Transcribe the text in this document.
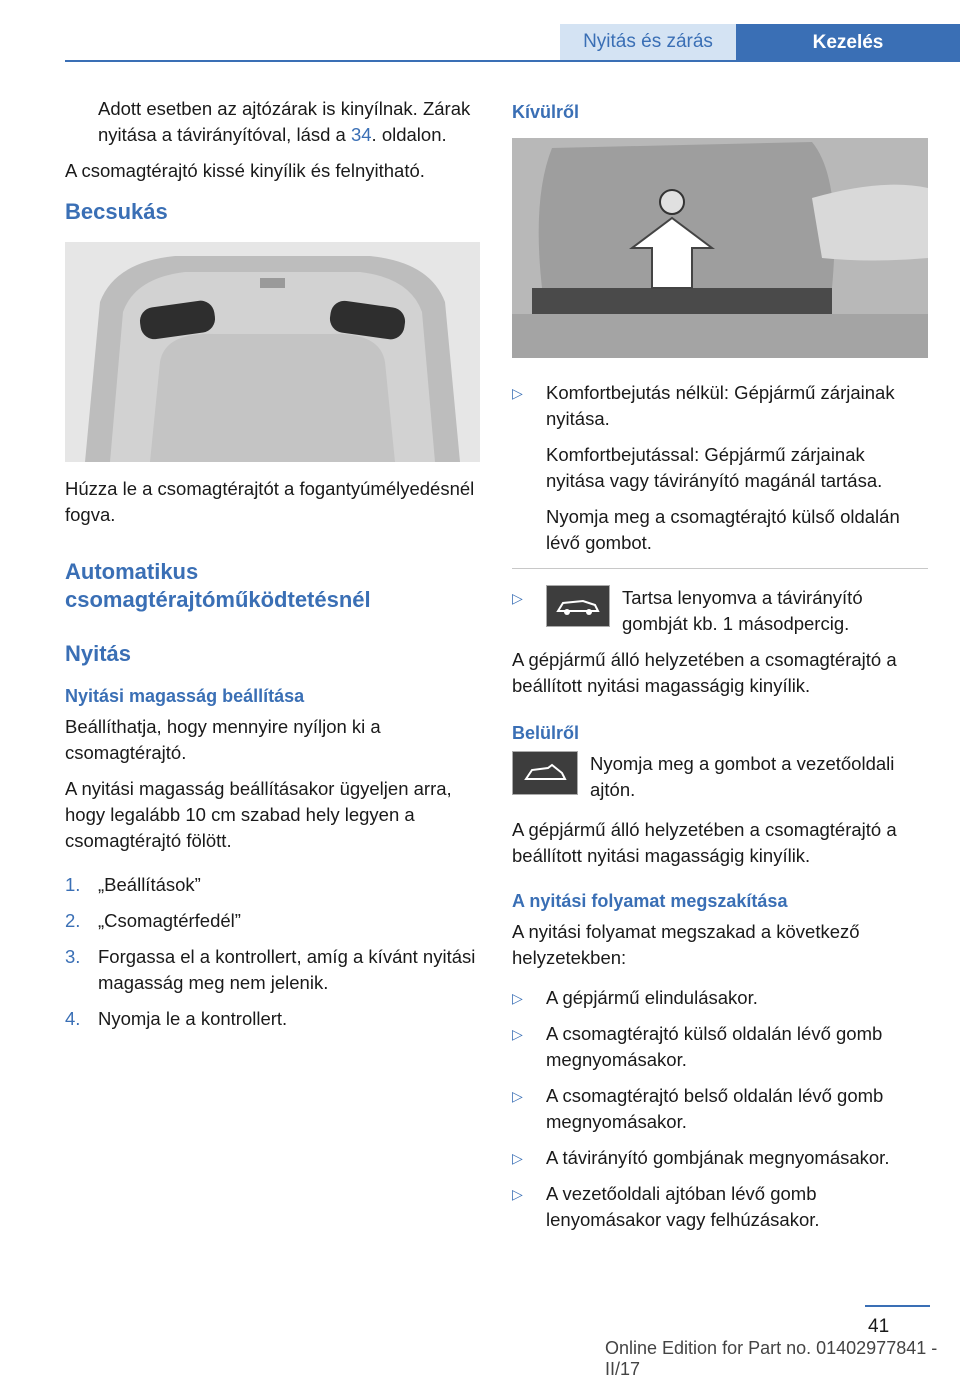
Nyitás és zárás	Kezelés

Adott esetben az ajtózárak is kinyílnak. Zárak nyitása a távirányítóval, lásd a 34. oldalon.

A csomagtérajtó kissé kinyílik és felnyitható.

Becsukás

Húzza le a csomagtérajtót a fogantyúmélyedésnél fogva.

Automatikus csomagtérajtóműködtetésnél
Nyitás
Nyitási magasság beállítása

Beállíthatja, hogy mennyire nyíljon ki a csomagtérajtó.

A nyitási magasság beállításakor ügyeljen arra, hogy legalább 10 cm szabad hely legyen a csomagtérajtó fölött.

1. „Beállítások”
2. „Csomagtérfedél”
3. Forgassa el a kontrollert, amíg a kívánt nyitási magasság meg nem jelenik.
4. Nyomja le a kontrollert.
Kívülről
▷	Komfortbejutás nélkül: Gépjármű zárjainak nyitása.

Komfortbejutással: Gépjármű zárjainak nyitása vagy távirányító magánál tartása.

Nyomja meg a csomagtérajtó külső oldalán lévő gombot.

▷	Tartsa lenyomva a távirányító gombját kb. 1 másodpercig.

A gépjármű álló helyzetében a csomagtérajtó a beállított nyitási magasságig kinyílik.

Belülről

Nyomja meg a gombot a vezetőoldali ajtón.

A gépjármű álló helyzetében a csomagtérajtó a beállított nyitási magasságig kinyílik.

A nyitási folyamat megszakítása

A nyitási folyamat megszakad a következő helyzetekben:

▷	A gépjármű elindulásakor.
▷	A csomagtérajtó külső oldalán lévő gomb megnyomásakor.
▷	A csomagtérajtó belső oldalán lévő gomb megnyomásakor.
▷	A távirányító gombjának megnyomásakor.
▷	A vezetőoldali ajtóban lévő gomb lenyomásakor vagy felhúzásakor.
41
Online Edition for Part no. 01402977841 - II/17
